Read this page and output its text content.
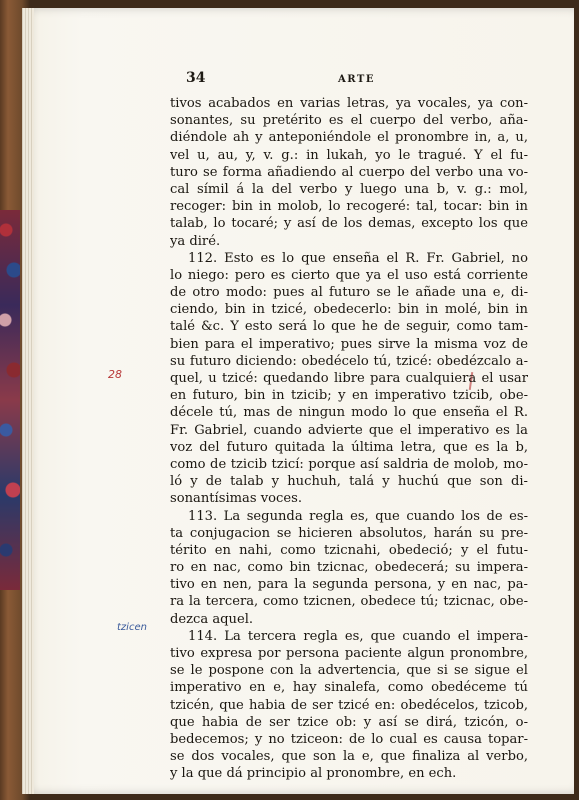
34	ARTE
28
tzicen
tivos acabados en varias letras, ya vocales, ya con-
sonantes, su pretérito es el cuerpo del verbo, aña-
diéndole ah y anteponiéndole el pronombre in, a, u,
vel u, au, y, v. g.: in lukah, yo le tragué. Y el fu-
turo se forma añadiendo al cuerpo del verbo una vo-
cal símil á la del verbo y luego una b, v. g.: mol,
recoger: bin in molob, lo recogeré: tal, tocar: bin in
talab, lo tocaré; y así de los demas, excepto los que
ya diré.
112. Esto es lo que enseña el R. Fr. Gabriel, no
lo niego: pero es cierto que ya el uso está corriente
de otro modo: pues al futuro se le añade una e, di-
ciendo, bin in tzicé, obedecerlo: bin in molé, bin in
talé &c. Y esto será lo que he de seguir, como tam-
bien para el imperativo; pues sirve la misma voz de
su futuro diciendo: obedécelo tú, tzicé: obedézcalo a-
quel, u tzicé: quedando libre para cualquiera el usar
en futuro, bin in tzicib; y en imperativo tzicib, obe-
décele tú, mas de ningun modo lo que enseña el R.
Fr. Gabriel, cuando advierte que el imperativo es la
voz del futuro quitada la última letra, que es la b,
como de tzicib tzicí: porque así saldria de molob, mo-
ló y de talab y huchuh, talá y huchú que son di-
sonantísimas voces.
113. La segunda regla es, que cuando los de es-
ta conjugacion se hicieren absolutos, harán su pre-
térito en nahi, como tzicnahi, obedeció; y el futu-
ro en nac, como bin tzicnac, obedecerá; su impera-
tivo en nen, para la segunda persona, y en nac, pa-
ra la tercera, como tzicnen, obedece tú; tzicnac, obe-
dezca aquel.
114. La tercera regla es, que cuando el impera-
tivo expresa por persona paciente algun pronombre,
se le pospone con la advertencia, que si se sigue el
imperativo en e, hay sinalefa, como obedéceme tú
tzicén, que habia de ser tzicé en: obedécelos, tzicob,
que habia de ser tzice ob: y así se dirá, tzicón, o-
bedecemos; y no tziceon: de lo cual es causa topar-
se dos vocales, que son la e, que finaliza al verbo,
y la que dá principio al pronombre, en ech.
